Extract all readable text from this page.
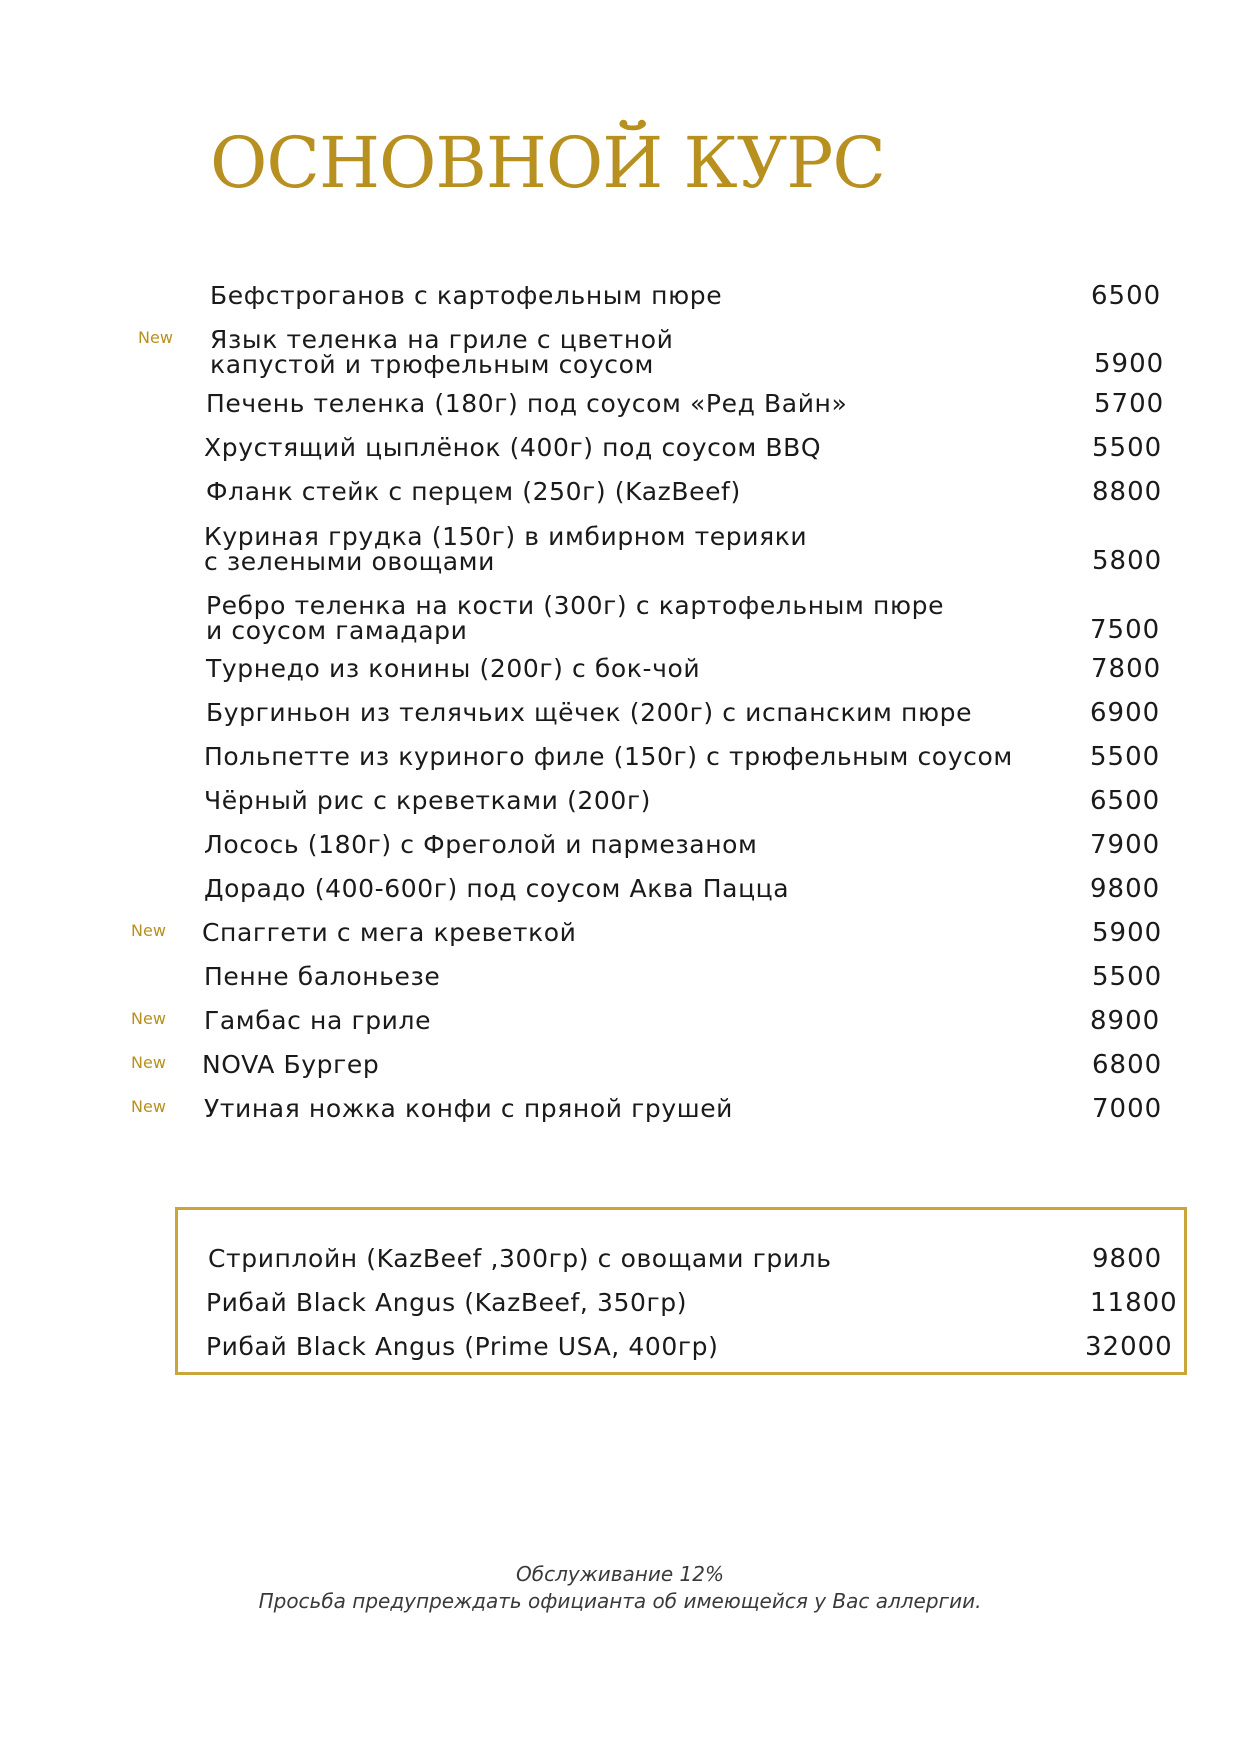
ОСНОВНОЙ КУРС
Бефстроганов с картофельным пюре	6500
New Язык теленка на гриле с цветной
капустой и трюфельным соусом	5900
Печень теленка (180г) под соусом «Ред Вайн»	5700
Хрустящий цыплёнок (400г) под соусом BBQ	5500
Фланк стейк с перцем (250г) (KazBeef)	8800
Куриная грудка (150г) в имбирном терияки
с зелеными овощами	5800
Ребро теленка на кости (300г) с картофельным пюре
и соусом гамадари	7500
Турнедо из конины (200г) с бок-чой	7800
Бургиньон из телячьих щёчек (200г) с испанским пюре	6900
Польпетте из куриного филе (150г) с трюфельным соусом	5500
Чёрный рис с креветками (200г)	6500
Лосось (180г) с Фреголой и пармезаном	7900
Дорадо (400-600г) под соусом Аква Пацца	9800
New Спаггети с мега креветкой	5900
Пенне балоньезе	5500
New Гамбас на гриле	8900
New NOVA Бургер	6800
New Утиная ножка конфи с пряной грушей	7000
Стриплойн (KazBeef ,300гр) с овощами гриль	9800
Рибай Black Angus (KazBeef, 350гр)	11800
Рибай Black Angus (Prime USA, 400гр)	32000
Обслуживание 12%
Просьба предупреждать официанта об имеющейся у Вас аллергии.
